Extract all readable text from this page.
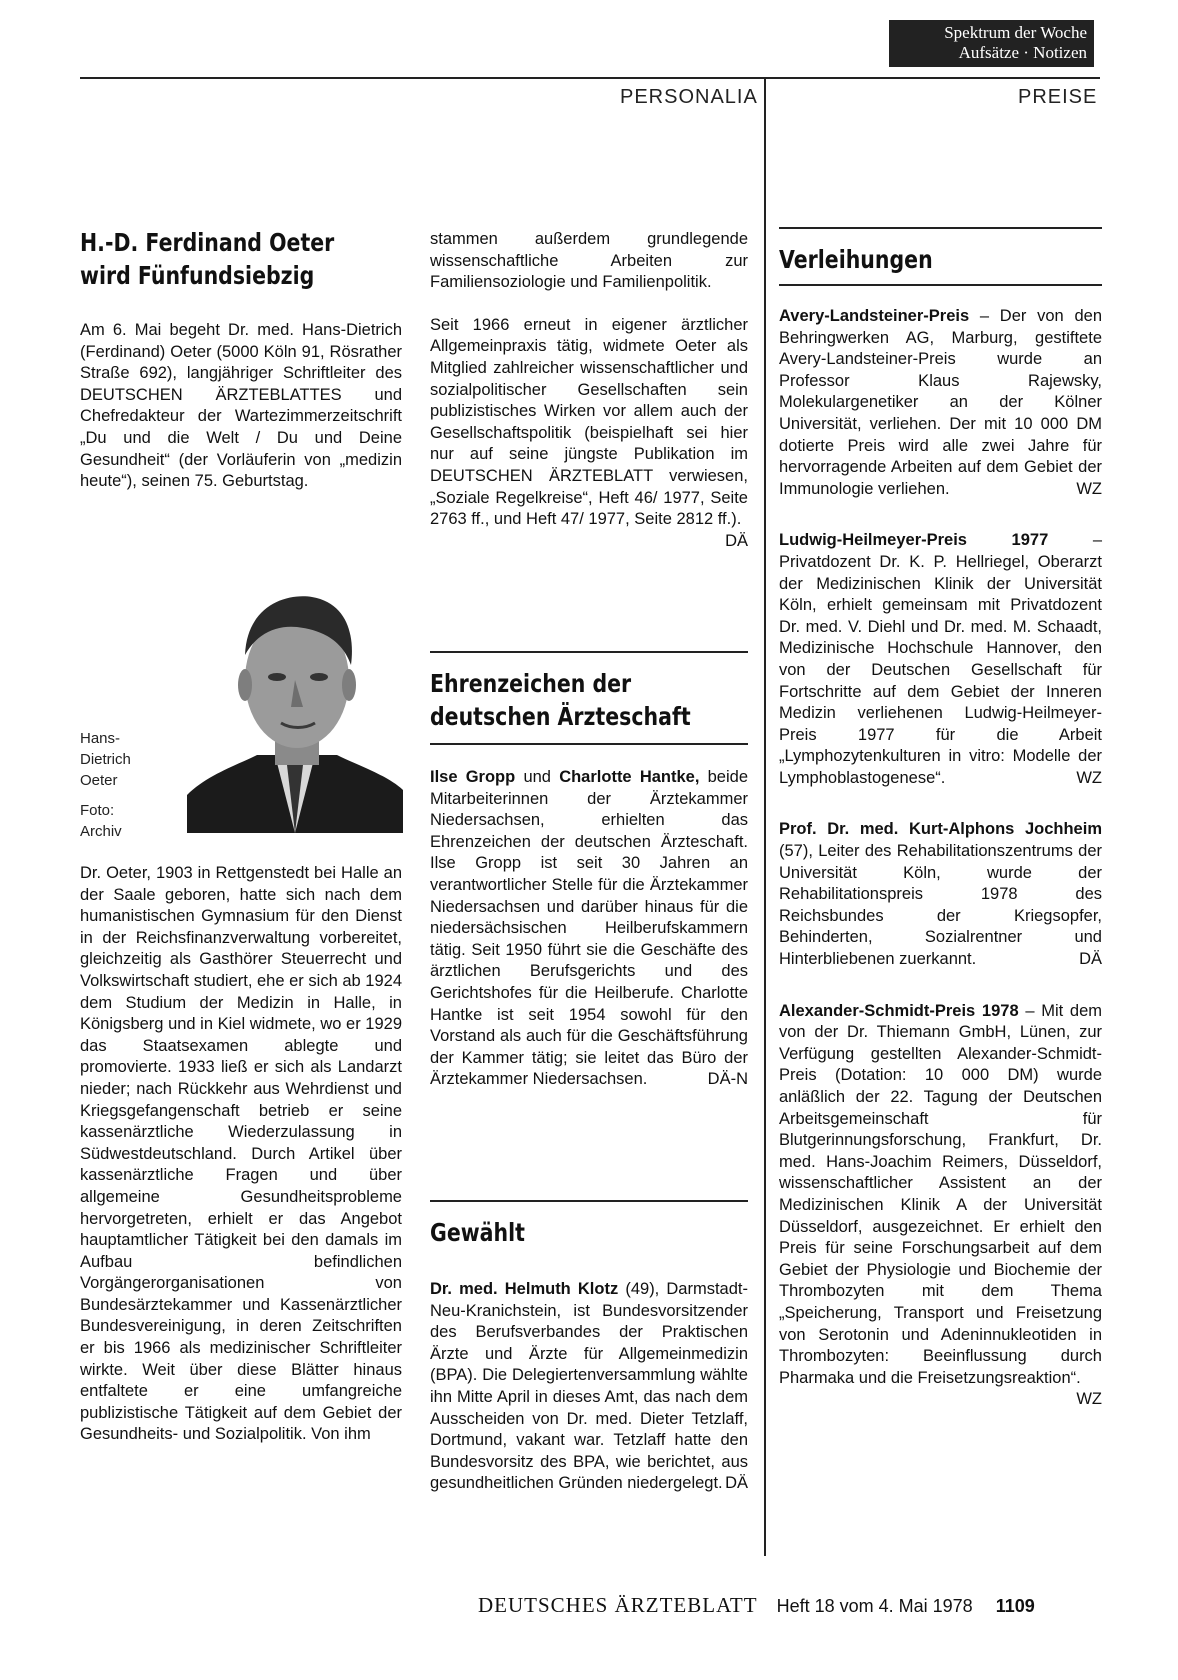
Spektrum der Woche
Aufsätze · Notizen
PERSONALIA	PREISE
H.-D. Ferdinand Oeter
wird Fünfundsiebzig

Am 6. Mai begeht Dr. med. Hans-Dietrich (Ferdinand) Oeter (5000 Köln 91, Rösrather Straße 692), langjähriger Schriftleiter des DEUTSCHEN ÄRZTEBLATTES und Chefredakteur der Wartezimmerzeitschrift „Du und die Welt / Du und Deine Gesundheit“ (der Vorläuferin von „medizin heute“), seinen 75. Geburtstag.

Hans-Dietrich Oeter
Foto: Archiv

Dr. Oeter, 1903 in Rettgenstedt bei Halle an der Saale geboren, hatte sich nach dem humanistischen Gymnasium für den Dienst in der Reichsfinanzverwaltung vorbereitet, gleichzeitig als Gasthörer Steuerrecht und Volkswirtschaft studiert, ehe er sich ab 1924 dem Studium der Medizin in Halle, in Königsberg und in Kiel widmete, wo er 1929 das Staatsexamen ablegte und promovierte. 1933 ließ er sich als Landarzt nieder; nach Rückkehr aus Wehrdienst und Kriegsgefangenschaft betrieb er seine kassenärztliche Wiederzulassung in Südwestdeutschland. Durch Artikel über kassenärztliche Fragen und über allgemeine Gesundheitsprobleme hervorgetreten, erhielt er das Angebot hauptamtlicher Tätigkeit bei den damals im Aufbau befindlichen Vorgängerorganisationen von Bundesärztekammer und Kassenärztlicher Bundesvereinigung, in deren Zeitschriften er bis 1966 als medizinischer Schriftleiter wirkte. Weit über diese Blätter hinaus entfaltete er eine umfangreiche publizistische Tätigkeit auf dem Gebiet der Gesundheits- und Sozialpolitik. Von ihm

stammen außerdem grundlegende wissenschaftliche Arbeiten zur Familiensoziologie und Familienpolitik.

Seit 1966 erneut in eigener ärztlicher Allgemeinpraxis tätig, widmete Oeter als Mitglied zahlreicher wissenschaftlicher und sozialpolitischer Gesellschaften sein publizistisches Wirken vor allem auch der Gesellschaftspolitik (beispielhaft sei hier nur auf seine jüngste Publikation im DEUTSCHEN ÄRZTEBLATT verwiesen, „Soziale Regelkreise“, Heft 46/ 1977, Seite 2763 ff., und Heft 47/ 1977, Seite 2812 ff.).
DÄ

Ehrenzeichen der
deutschen Ärzteschaft

Ilse Gropp und Charlotte Hantke, beide Mitarbeiterinnen der Ärztekammer Niedersachsen, erhielten das Ehrenzeichen der deutschen Ärzteschaft. Ilse Gropp ist seit 30 Jahren an verantwortlicher Stelle für die Ärztekammer Niedersachsen und darüber hinaus für die niedersächsischen Heilberufskammern tätig. Seit 1950 führt sie die Geschäfte des ärztlichen Berufsgerichts und des Gerichtshofes für die Heilberufe. Charlotte Hantke ist seit 1954 sowohl für den Vorstand als auch für die Geschäftsführung der Kammer tätig; sie leitet das Büro der Ärztekammer Niedersachsen.	DÄ-N

Gewählt

Dr. med. Helmuth Klotz (49), Darmstadt-Neu-Kranichstein, ist Bundesvorsitzender des Berufsverbandes der Praktischen Ärzte und Ärzte für Allgemeinmedizin (BPA). Die Delegiertenversammlung wählte ihn Mitte April in dieses Amt, das nach dem Ausscheiden von Dr. med. Dieter Tetzlaff, Dortmund, vakant war. Tetzlaff hatte den Bundesvorsitz des BPA, wie berichtet, aus gesundheitlichen Gründen niedergelegt. DÄ

Verleihungen

Avery-Landsteiner-Preis – Der von den Behringwerken AG, Marburg, gestiftete Avery-Landsteiner-Preis wurde an Professor Klaus Rajewsky, Molekulargenetiker an der Kölner Universität, verliehen. Der mit 10 000 DM dotierte Preis wird alle zwei Jahre für hervorragende Arbeiten auf dem Gebiet der Immunologie verliehen.	WZ

Ludwig-Heilmeyer-Preis 1977 – Privatdozent Dr. K. P. Hellriegel, Oberarzt der Medizinischen Klinik der Universität Köln, erhielt gemeinsam mit Privatdozent Dr. med. V. Diehl und Dr. med. M. Schaadt, Medizinische Hochschule Hannover, den von der Deutschen Gesellschaft für Fortschritte auf dem Gebiet der Inneren Medizin verliehenen Ludwig-Heilmeyer-Preis 1977 für die Arbeit „Lymphozytenkulturen in vitro: Modelle der Lymphoblastogenese“.	WZ

Prof. Dr. med. Kurt-Alphons Jochheim (57), Leiter des Rehabilitationszentrums der Universität Köln, wurde der Rehabilitationspreis 1978 des Reichsbundes der Kriegsopfer, Behinderten, Sozialrentner und Hinterbliebenen zuerkannt.	DÄ

Alexander-Schmidt-Preis 1978 – Mit dem von der Dr. Thiemann GmbH, Lünen, zur Verfügung gestellten Alexander-Schmidt-Preis (Dotation: 10 000 DM) wurde anläßlich der 22. Tagung der Deutschen Arbeitsgemeinschaft für Blutgerinnungsforschung, Frankfurt, Dr. med. Hans-Joachim Reimers, Düsseldorf, wissenschaftlicher Assistent an der Medizinischen Klinik A der Universität Düsseldorf, ausgezeichnet. Er erhielt den Preis für seine Forschungsarbeit auf dem Gebiet der Physiologie und Biochemie der Thrombozyten mit dem Thema „Speicherung, Transport und Freisetzung von Serotonin und Adeninnukleotiden in Thrombozyten: Beeinflussung durch Pharmaka und die Freisetzungsreaktion“.
WZ

DEUTSCHES ÄRZTEBLATT Heft 18 vom 4. Mai 1978 1109
